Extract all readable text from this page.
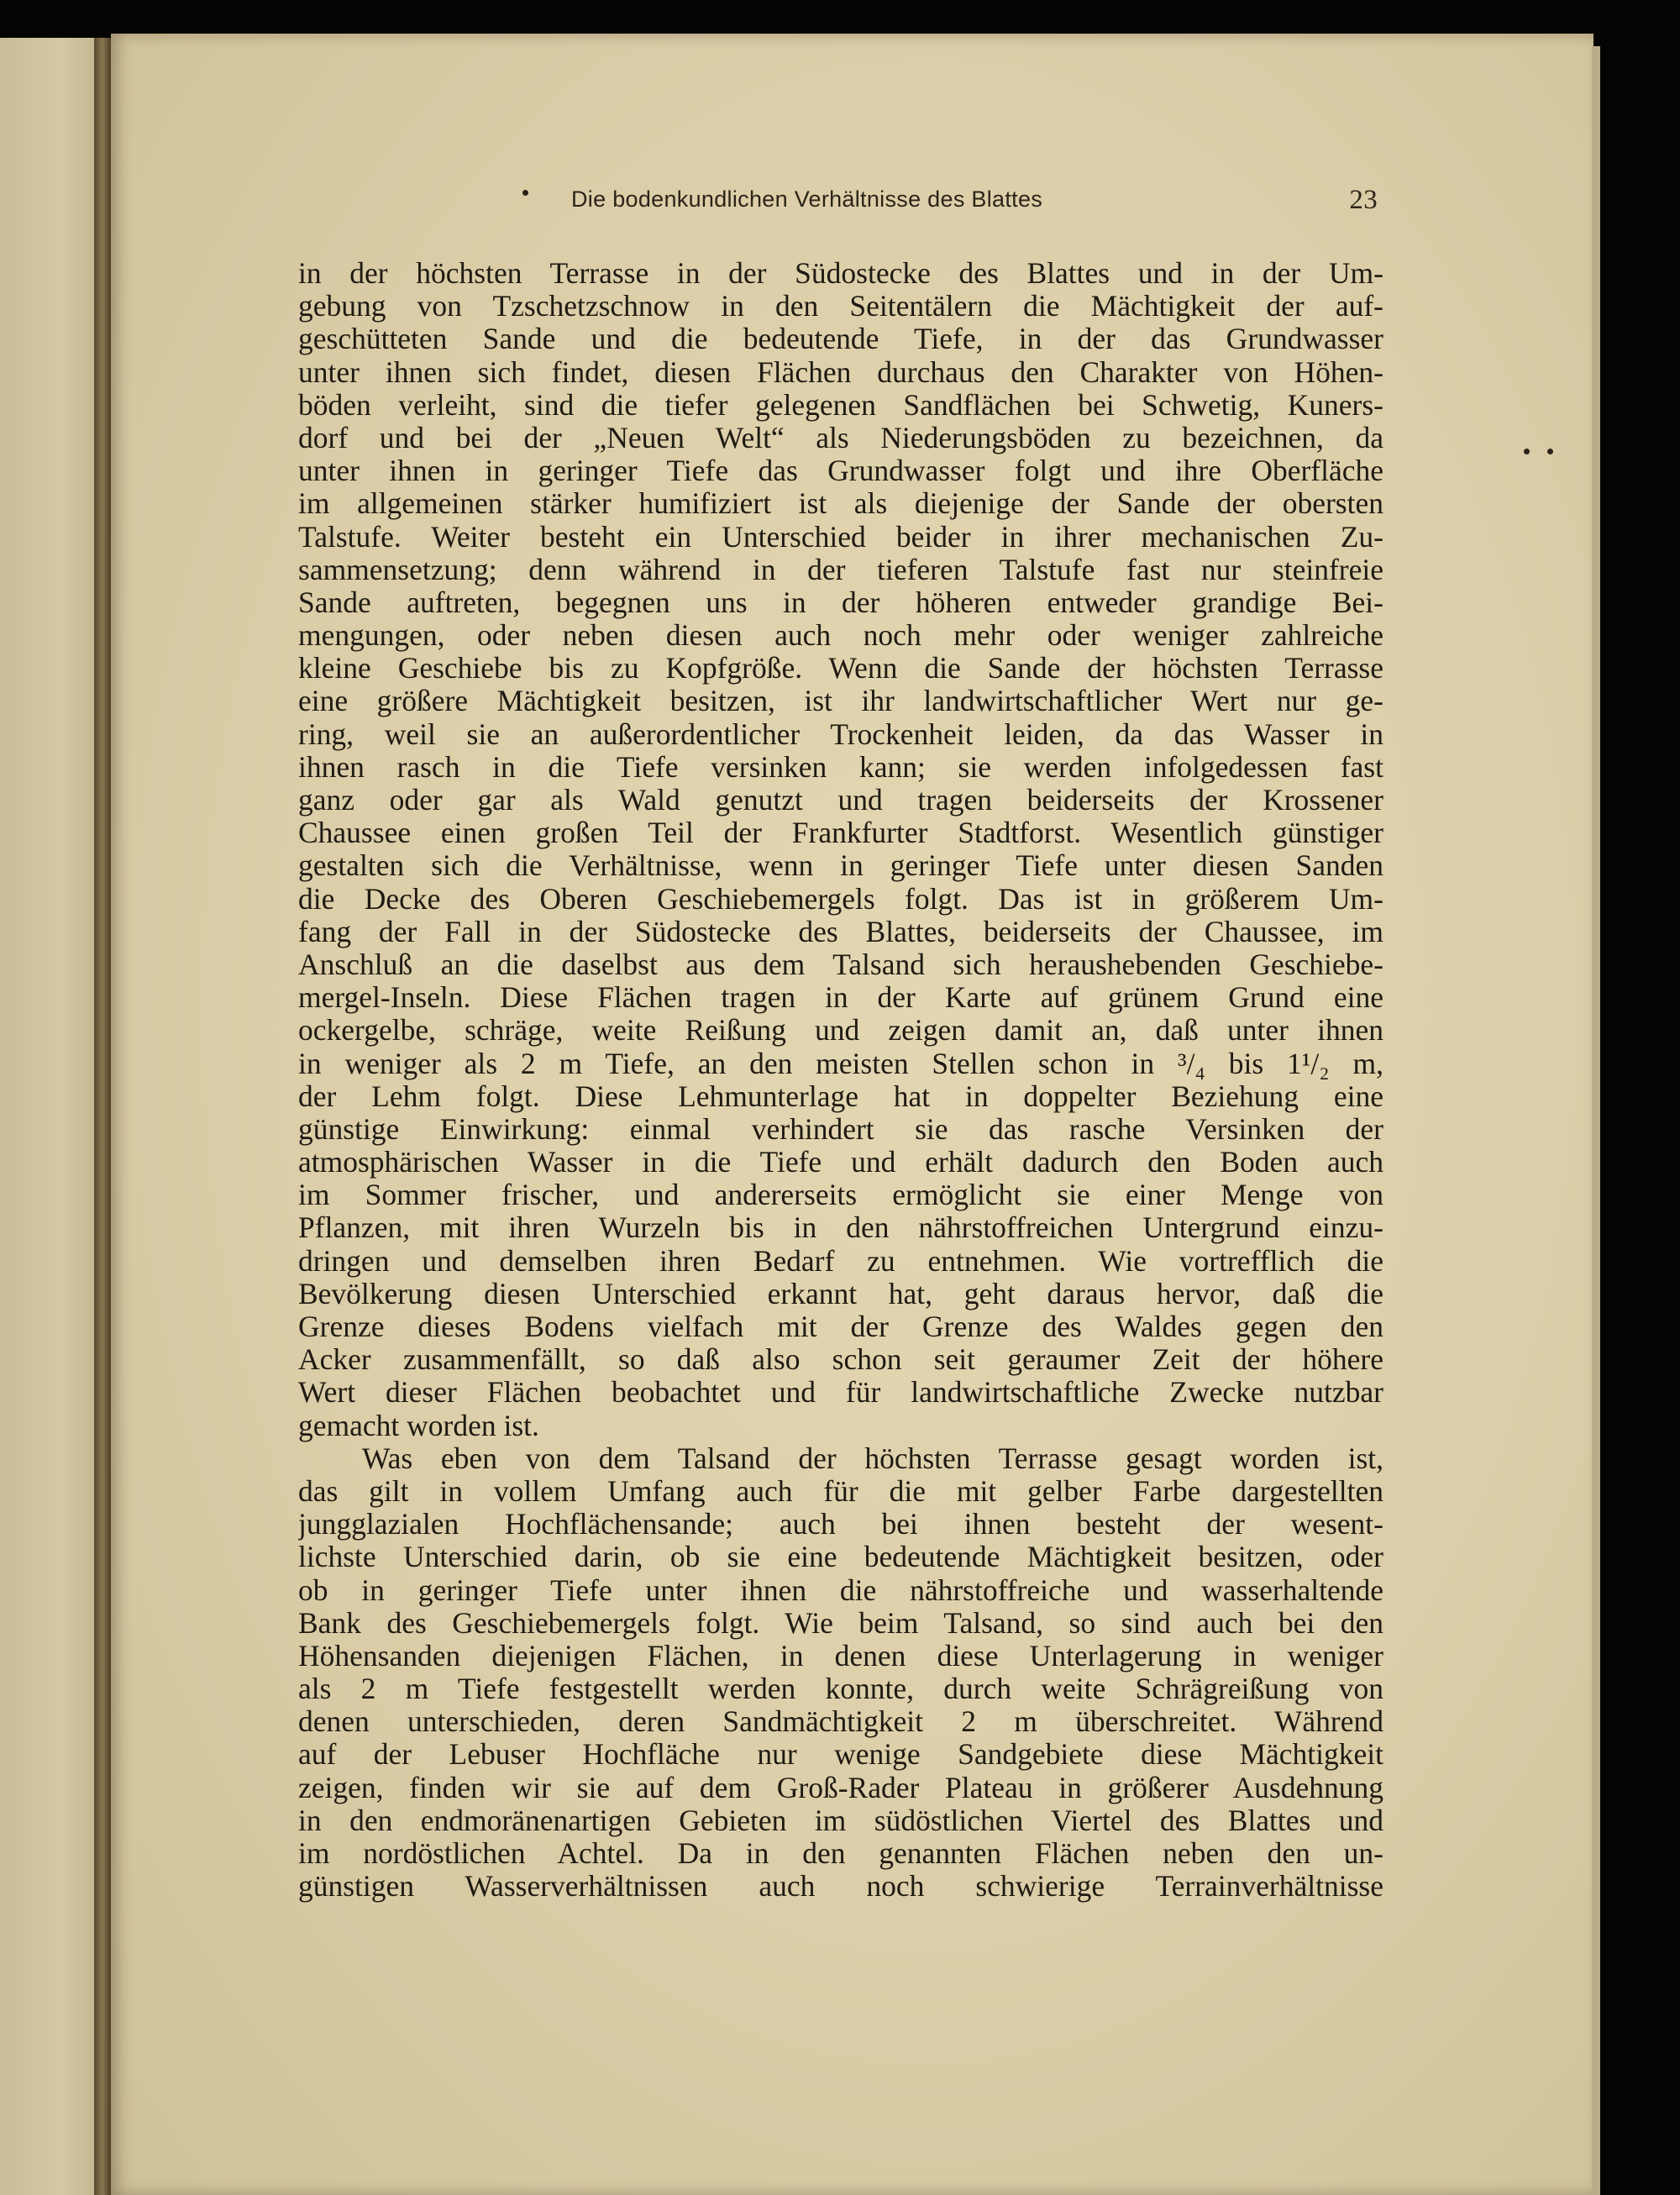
Die bodenkundlichen Verhältnisse des Blattes	23
in der höchsten Terrasse in der Südostecke des Blattes und in der Um-
gebung von Tzschetzschnow in den Seitentälern die Mächtigkeit der auf-
geschütteten Sande und die bedeutende Tiefe, in der das Grundwasser
unter ihnen sich findet, diesen Flächen durchaus den Charakter von Höhen-
böden verleiht, sind die tiefer gelegenen Sandflächen bei Schwetig, Kuners-
dorf und bei der „Neuen Welt“ als Niederungsböden zu bezeichnen, da
unter ihnen in geringer Tiefe das Grundwasser folgt und ihre Oberfläche
im allgemeinen stärker humifiziert ist als diejenige der Sande der obersten
Talstufe. Weiter besteht ein Unterschied beider in ihrer mechanischen Zu-
sammensetzung; denn während in der tieferen Talstufe fast nur steinfreie
Sande auftreten, begegnen uns in der höheren entweder grandige Bei-
mengungen, oder neben diesen auch noch mehr oder weniger zahlreiche
kleine Geschiebe bis zu Kopfgröße. Wenn die Sande der höchsten Terrasse
eine größere Mächtigkeit besitzen, ist ihr landwirtschaftlicher Wert nur ge-
ring, weil sie an außerordentlicher Trockenheit leiden, da das Wasser in
ihnen rasch in die Tiefe versinken kann; sie werden infolgedessen fast
ganz oder gar als Wald genutzt und tragen beiderseits der Krossener
Chaussee einen großen Teil der Frankfurter Stadtforst. Wesentlich günstiger
gestalten sich die Verhältnisse, wenn in geringer Tiefe unter diesen Sanden
die Decke des Oberen Geschiebemergels folgt. Das ist in größerem Um-
fang der Fall in der Südostecke des Blattes, beiderseits der Chaussee, im
Anschluß an die daselbst aus dem Talsand sich heraushebenden Geschiebe-
mergel-Inseln. Diese Flächen tragen in der Karte auf grünem Grund eine
ockergelbe, schräge, weite Reißung und zeigen damit an, daß unter ihnen
in weniger als 2 m Tiefe, an den meisten Stellen schon in ³/₄ bis 1¹/₂ m,
der Lehm folgt. Diese Lehmunterlage hat in doppelter Beziehung eine
günstige Einwirkung: einmal verhindert sie das rasche Versinken der
atmosphärischen Wasser in die Tiefe und erhält dadurch den Boden auch
im Sommer frischer, und andererseits ermöglicht sie einer Menge von
Pflanzen, mit ihren Wurzeln bis in den nährstoffreichen Untergrund einzu-
dringen und demselben ihren Bedarf zu entnehmen. Wie vortrefflich die
Bevölkerung diesen Unterschied erkannt hat, geht daraus hervor, daß die
Grenze dieses Bodens vielfach mit der Grenze des Waldes gegen den
Acker zusammenfällt, so daß also schon seit geraumer Zeit der höhere
Wert dieser Flächen beobachtet und für landwirtschaftliche Zwecke nutzbar
gemacht worden ist.
Was eben von dem Talsand der höchsten Terrasse gesagt worden ist,
das gilt in vollem Umfang auch für die mit gelber Farbe dargestellten
jungglazialen Hochflächensande; auch bei ihnen besteht der wesent-
lichste Unterschied darin, ob sie eine bedeutende Mächtigkeit besitzen, oder
ob in geringer Tiefe unter ihnen die nährstoffreiche und wasserhaltende
Bank des Geschiebemergels folgt. Wie beim Talsand, so sind auch bei den
Höhensanden diejenigen Flächen, in denen diese Unterlagerung in weniger
als 2 m Tiefe festgestellt werden konnte, durch weite Schrägreißung von
denen unterschieden, deren Sandmächtigkeit 2 m überschreitet. Während
auf der Lebuser Hochfläche nur wenige Sandgebiete diese Mächtigkeit
zeigen, finden wir sie auf dem Groß-Rader Plateau in größerer Ausdehnung
in den endmoränenartigen Gebieten im südöstlichen Viertel des Blattes und
im nordöstlichen Achtel. Da in den genannten Flächen neben den un-
günstigen Wasserverhältnissen auch noch schwierige Terrainverhältnisse
